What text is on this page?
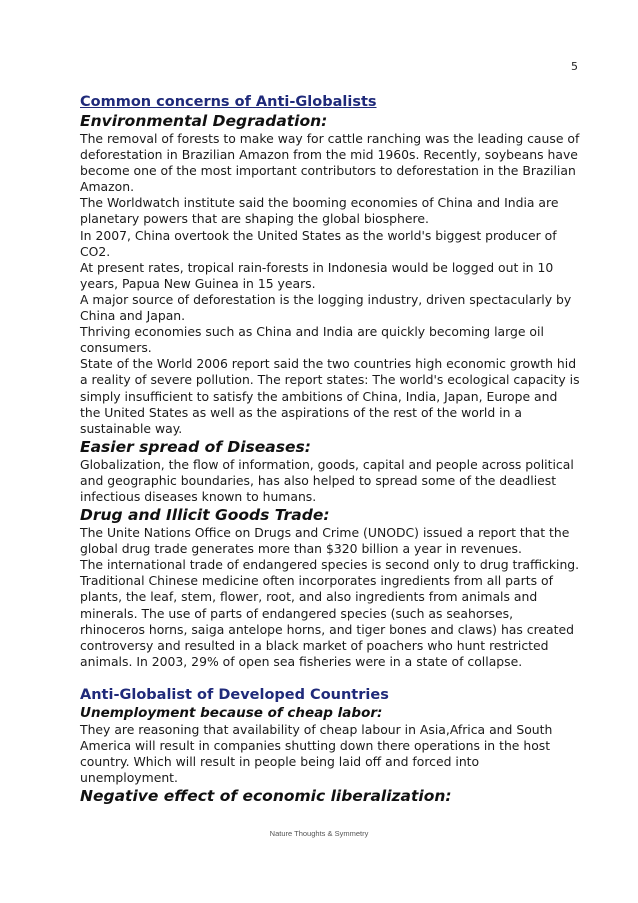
5
Common concerns of Anti-Globalists
Environmental Degradation:

The removal of forests to make way for cattle ranching was the leading cause of deforestation in Brazilian Amazon from the mid 1960s. Recently, soybeans have become one of the most important contributors to deforestation in the Brazilian Amazon.

The Worldwatch institute said the booming economies of China and India are planetary powers that are shaping the global biosphere.

In 2007, China overtook the United States as the world's biggest producer of CO2.

At present rates, tropical rain-forests in Indonesia would be logged out in 10 years, Papua New Guinea in 15 years.

A major source of deforestation is the logging industry, driven spectacularly by China and Japan.

Thriving economies such as China and India are quickly becoming large oil consumers.

State of the World 2006 report said the two countries high economic growth hid a reality of severe pollution. The report states: The world's ecological capacity is simply insufficient to satisfy the ambitions of China, India, Japan, Europe and the United States as well as the aspirations of the rest of the world in a sustainable way.

Easier spread of Diseases:

Globalization, the flow of information, goods, capital and people across political and geographic boundaries, has also helped to spread some of the deadliest infectious diseases known to humans.

Drug and Illicit Goods Trade:

The Unite Nations Office on Drugs and Crime (UNODC) issued a report that the global drug trade generates more than $320 billion a year in revenues.

The international trade of endangered species is second only to drug trafficking. Traditional Chinese medicine often incorporates ingredients from all parts of plants, the leaf, stem, flower, root, and also ingredients from animals and minerals. The use of parts of endangered species (such as seahorses, rhinoceros horns, saiga antelope horns, and tiger bones and claws) has created controversy and resulted in a black market of poachers who hunt restricted animals. In 2003, 29% of open sea fisheries were in a state of collapse.

Anti-Globalist of Developed Countries
Unemployment because of cheap labor:

They are reasoning that availability of cheap labour in Asia,Africa and South America will result in companies shutting down there operations in the host country. Which will result in people being laid off and forced into unemployment.

Negative effect of economic liberalization:
Nature Thoughts & Symmetry
